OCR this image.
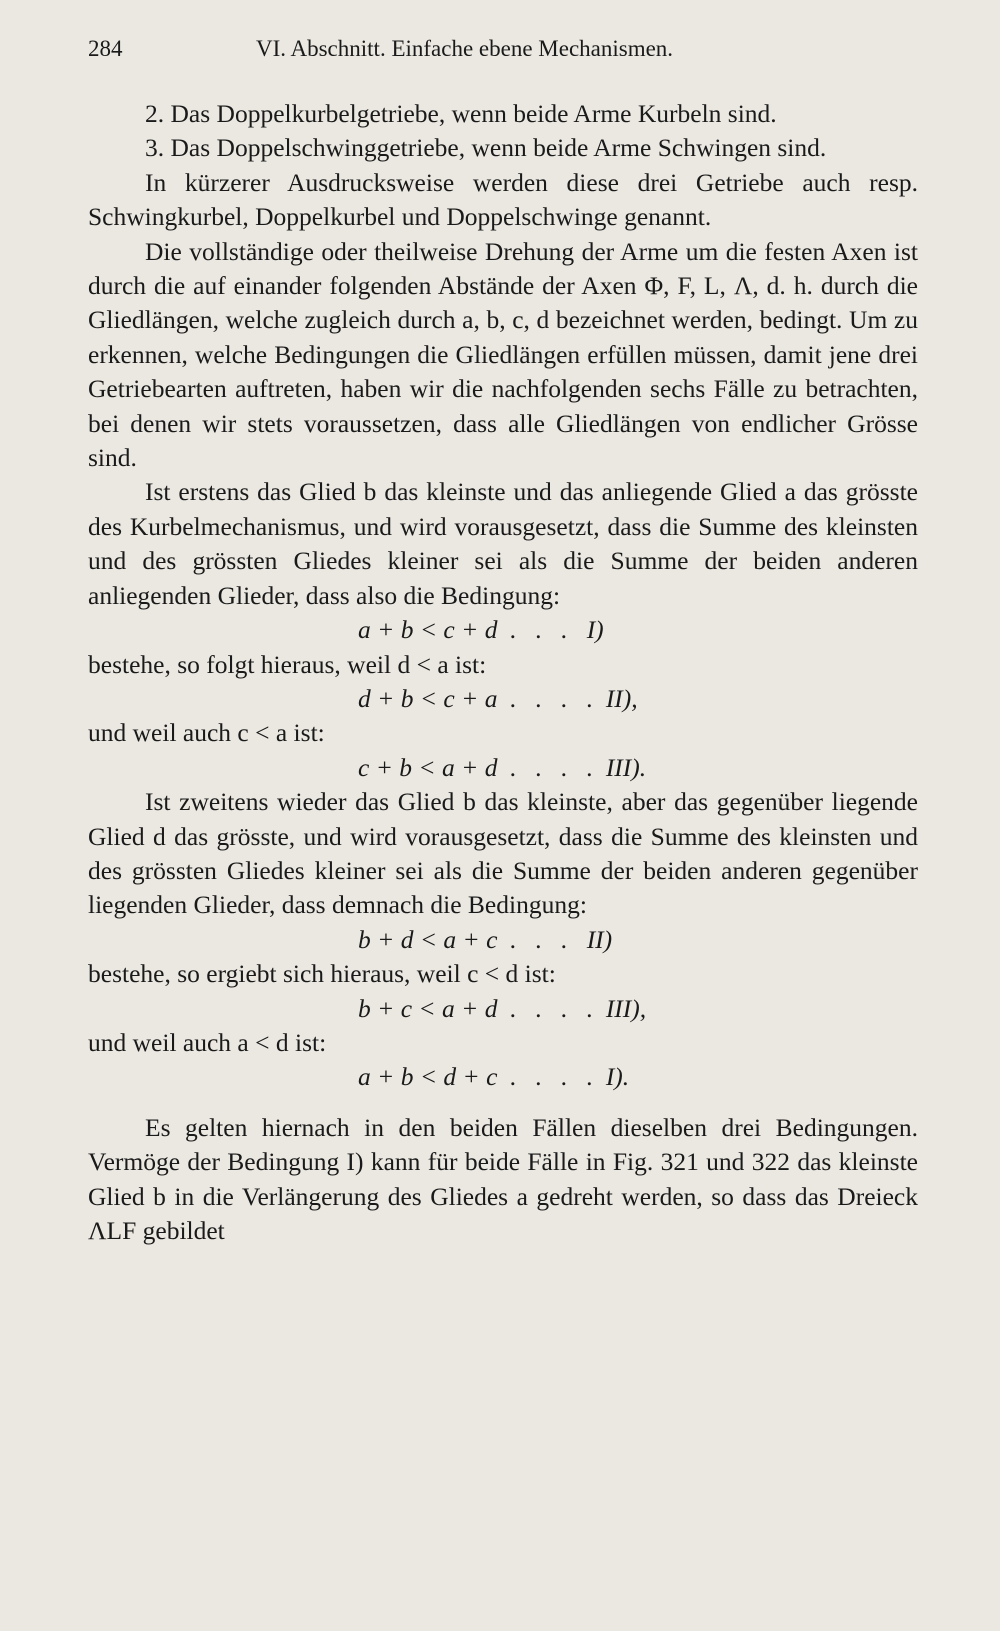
284	VI. Abschnitt. Einfache ebene Mechanismen.

2. Das Doppelkurbelgetriebe, wenn beide Arme Kurbeln sind.

3. Das Doppelschwinggetriebe, wenn beide Arme Schwingen sind.

In kürzerer Ausdrucksweise werden diese drei Getriebe auch resp. Schwingkurbel, Doppelkurbel und Doppelschwinge genannt.

Die vollständige oder theilweise Drehung der Arme um die festen Axen ist durch die auf einander folgenden Abstände der Axen Φ, F, L, Λ, d. h. durch die Gliedlängen, welche zugleich durch a, b, c, d bezeichnet werden, bedingt. Um zu erkennen, welche Bedingungen die Gliedlängen erfüllen müssen, damit jene drei Getriebearten auftreten, haben wir die nachfolgenden sechs Fälle zu betrachten, bei denen wir stets voraussetzen, dass alle Gliedlängen von endlicher Grösse sind.

Ist erstens das Glied b das kleinste und das anliegende Glied a das grösste des Kurbelmechanismus, und wird vorausgesetzt, dass die Summe des kleinsten und des grössten Gliedes kleiner sei als die Summe der beiden anderen anliegenden Glieder, dass also die Bedingung:

a + b < c + d  .   .   .   I)

bestehe, so folgt hieraus, weil d < a ist:

d + b < c + a  .   .   .   .  II),

und weil auch c < a ist:

c + b < a + d  .   .   .   .  III).

Ist zweitens wieder das Glied b das kleinste, aber das gegenüber liegende Glied d das grösste, und wird vorausgesetzt, dass die Summe des kleinsten und des grössten Gliedes kleiner sei als die Summe der beiden anderen gegenüber liegenden Glieder, dass demnach die Bedingung:

b + d < a + c  .   .   .   II)

bestehe, so ergiebt sich hieraus, weil c < d ist:

b + c < a + d  .   .   .   .  III),

und weil auch a < d ist:

a + b < d + c  .   .   .   .  I).

Es gelten hiernach in den beiden Fällen dieselben drei Bedingungen. Vermöge der Bedingung I) kann für beide Fälle in Fig. 321 und 322 das kleinste Glied b in die Verlängerung des Gliedes a gedreht werden, so dass das Dreieck ΛLF gebildet
